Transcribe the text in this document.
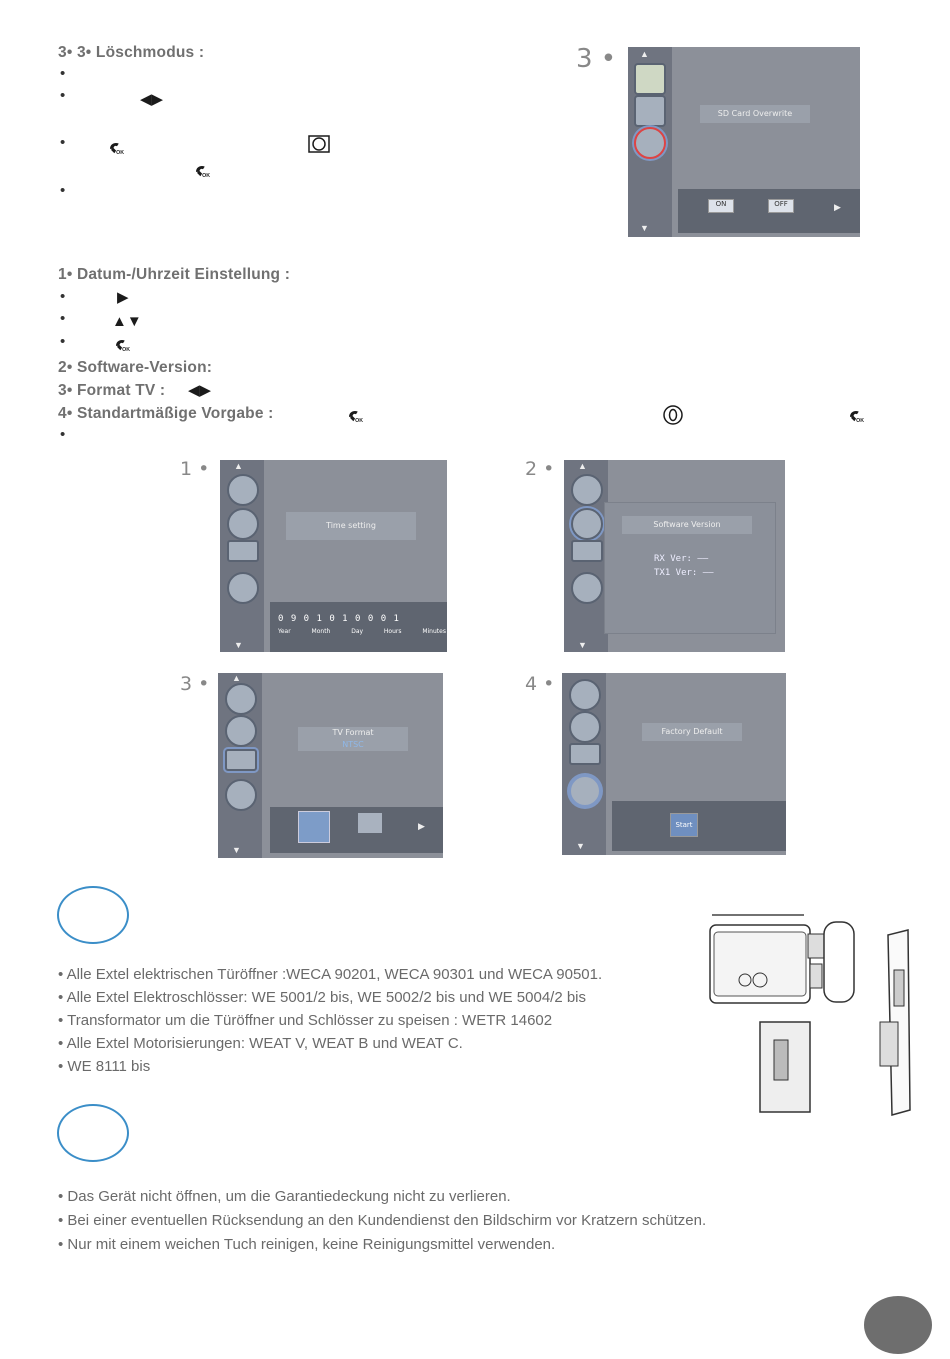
3• 3• Löschmodus :
•
•	◀▶
•
•
3 •	▲
▼
SD Card Overwrite
ON	OFF	▶
1• Datum-/Uhrzeit Einstellung :
•	▶
•	▲▼
•
2• Software-Version:
3• Format TV : ◀▶
4• Standartmäßige Vorgabe :
•
1 •	▲
▼
Time setting
0 9 0 1 0 1 0 0 0 1
Year	Month	Day	Hours	Minutes
2 •	▲
▼
Software Version
RX Ver: ——
TX1 Ver: ——
3 •	▲
▼
TV Format
NTSC
▶
4 •
▼
Factory Default
Start
• Alle Extel elektrischen Türöffner :WECA 90201, WECA 90301 und WECA 90501.
• Alle Extel Elektroschlösser: WE 5001/2 bis, WE 5002/2 bis und WE 5004/2 bis
• Transformator um die Türöffner und Schlösser zu speisen : WETR 14602
• Alle Extel Motorisierungen: WEAT V, WEAT B und WEAT C.
• WE 8111 bis
• Das Gerät nicht öffnen, um die Garantiedeckung nicht zu verlieren.
• Bei einer eventuellen Rücksendung an den Kundendienst den Bildschirm vor Kratzern schützen.
• Nur mit einem weichen Tuch reinigen, keine Reinigungsmittel verwenden.
